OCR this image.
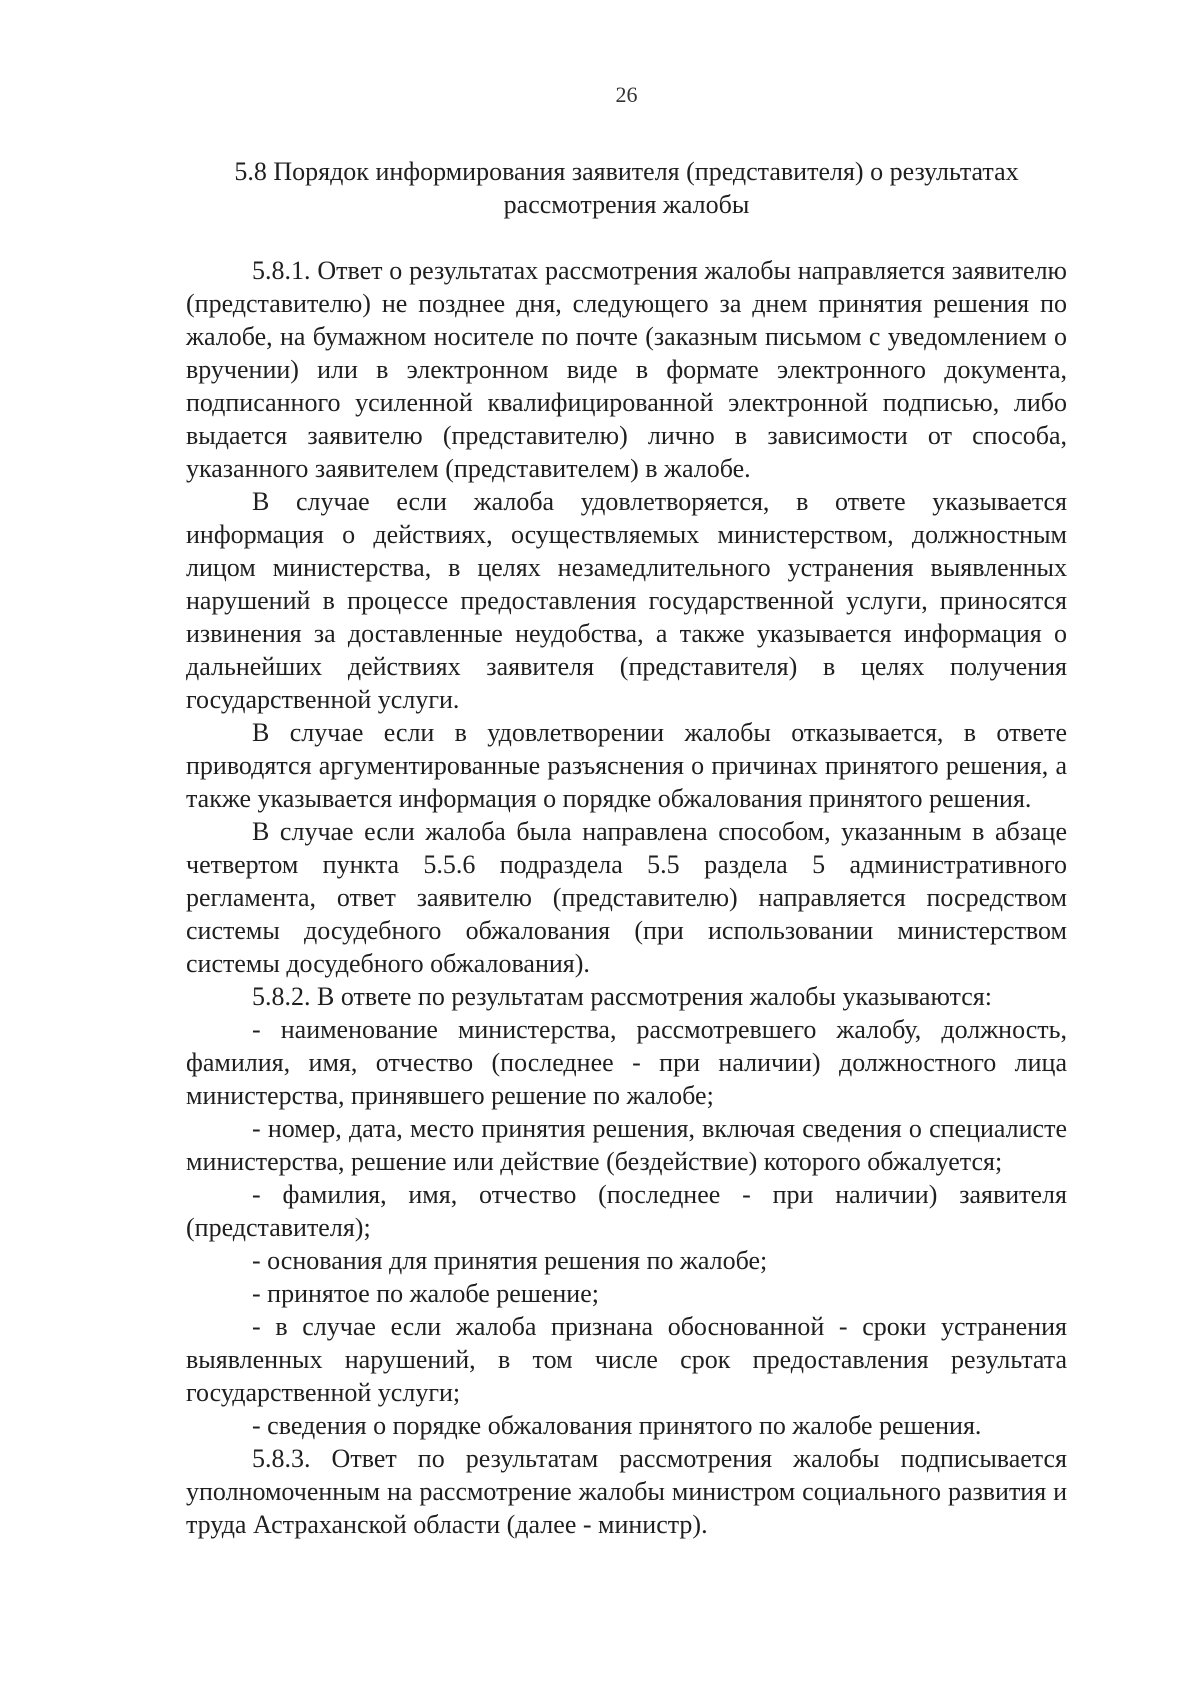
26
5.8 Порядок информирования заявителя (представителя) о результатах
рассмотрения жалобы

5.8.1. Ответ о результатах рассмотрения жалобы направляется заявителю (представителю) не позднее дня, следующего за днем принятия решения по жалобе, на бумажном носителе по почте (заказным письмом с уведомлением о вручении) или в электронном виде в формате электронного документа, подписанного усиленной квалифицированной электронной подписью, либо выдается заявителю (представителю) лично в зависимости от способа, указанного заявителем (представителем) в жалобе.

В случае если жалоба удовлетворяется, в ответе указывается информация о действиях, осуществляемых министерством, должностным лицом министерства, в целях незамедлительного устранения выявленных нарушений в процессе предоставления государственной услуги, приносятся извинения за доставленные неудобства, а также указывается информация о дальнейших действиях заявителя (представителя) в целях получения государственной услуги.

В случае если в удовлетворении жалобы отказывается, в ответе приводятся аргументированные разъяснения о причинах принятого решения, а также указывается информация о порядке обжалования принятого решения.

В случае если жалоба была направлена способом, указанным в абзаце четвертом пункта 5.5.6 подраздела 5.5 раздела 5 административного регламента, ответ заявителю (представителю) направляется посредством системы досудебного обжалования (при использовании министерством системы досудебного обжалования).

5.8.2. В ответе по результатам рассмотрения жалобы указываются:

- наименование министерства, рассмотревшего жалобу, должность, фамилия, имя, отчество (последнее - при наличии) должностного лица министерства, принявшего решение по жалобе;

- номер, дата, место принятия решения, включая сведения о специалисте министерства, решение или действие (бездействие) которого обжалуется;

- фамилия, имя, отчество (последнее - при наличии) заявителя (представителя);

- основания для принятия решения по жалобе;

- принятое по жалобе решение;

- в случае если жалоба признана обоснованной - сроки устранения выявленных нарушений, в том числе срок предоставления результата государственной услуги;

- сведения о порядке обжалования принятого по жалобе решения.

5.8.3. Ответ по результатам рассмотрения жалобы подписывается уполномоченным на рассмотрение жалобы министром социального развития и труда Астраханской области (далее - министр).
